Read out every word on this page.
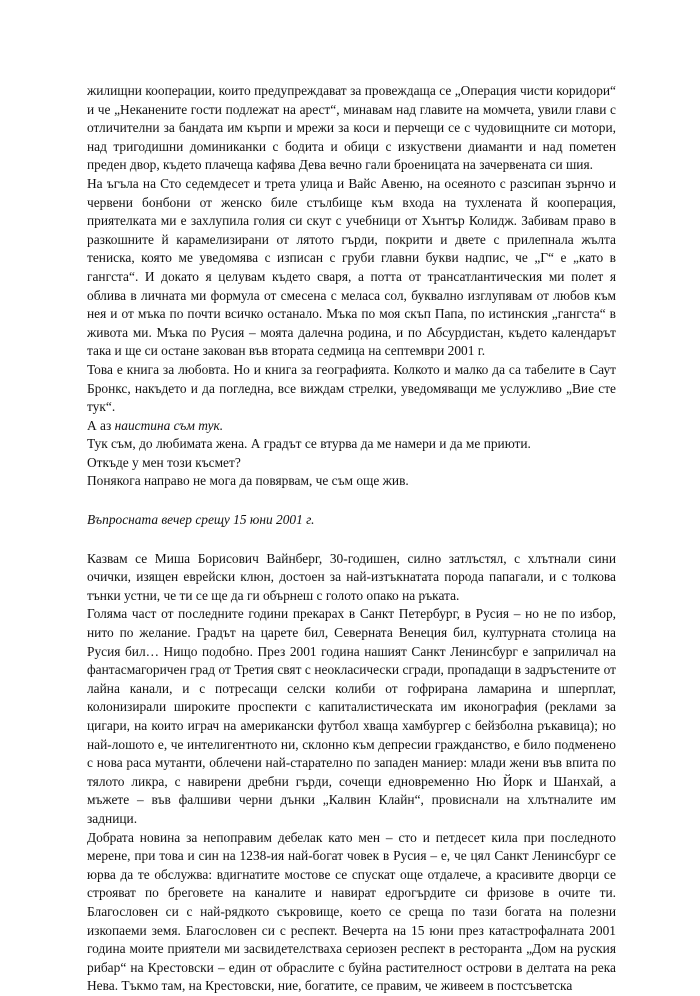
жилищни кооперации, които предупреждават за провеждаща се „Операция чисти коридори“ и че „Неканените гости подлежат на арест“, минавам над главите на момчета, увили глави с отличителни за бандата им кърпи и мрежи за коси и перчещи се с чудовищните си мотори, над тригодишни доминиканки с бодита и обици с изкуствени диаманти и над пометен преден двор, където плачеща кафява Дева вечно гали броеницата на зачервената си шия.

На ъгъла на Сто седемдесет и трета улица и Вайс Авеню, на осеяното с разсипан зърнчо и червени бонбони от женско биле стълбище към входа на тухлената й кооперация, приятелката ми е захлупила голия си скут с учебници от Хънтър Колидж. Забивам право в разкошните й карамелизирани от лятото гърди, покрити и двете с прилепнала жълта тениска, която ме уведомява с изписан с груби главни букви надпис, че „Г“ е „като в гангста“. И докато я целувам където сваря, а потта от трансатлантическия ми полет я облива в личната ми формула от смесена с меласа сол, буквално изглупявам от любов към нея и от мъка по почти всичко останало. Мъка по моя скъп Папа, по истинския „гангста“ в живота ми. Мъка по Русия – моята далечна родина, и по Абсурдистан, където календарът така и ще си остане закован във втората седмица на септември 2001 г.

Това е книга за любовта. Но и книга за географията. Колкото и малко да са табелите в Саут Бронкс, накъдето и да погледна, все виждам стрелки, уведомяващи ме услужливо „Вие сте тук“.

А аз наистина съм тук.

Тук съм, до любимата жена. А градът се втурва да ме намери и да ме приюти.

Откъде у мен този късмет?

Понякога направо не мога да повярвам, че съм още жив.

Въпросната вечер срещу 15 юни 2001 г.

Казвам се Миша Борисович Вайнберг, 30-годишен, силно затлъстял, с хлътнали сини очички, изящен еврейски клюн, достоен за най-изтъкнатата порода папагали, и с толкова тънки устни, че ти се ще да ги обърнеш с голото опако на ръката.

Голяма част от последните години прекарах в Санкт Петербург, в Русия – но не по избор, нито по желание. Градът на царете бил, Северната Венеция бил, културната столица на Русия бил… Нищо подобно. През 2001 година нашият Санкт Ленинсбург е заприличал на фантасмагоричен град от Третия свят с неокласически сгради, пропадащи в задръстените от лайна канали, и с потресащи селски колиби от гофрирана ламарина и шперплат, колонизирали широките проспекти с капиталистическата им иконография (реклами за цигари, на които играч на американски футбол хваща хамбургер с бейзболна ръкавица); но най-лошото е, че интелигентното ни, склонно към депресии гражданство, е било подменено с нова раса мутанти, облечени най-старателно по западен маниер: млади жени във впита по тялото ликра, с навирени дребни гърди, сочещи едновременно Ню Йорк и Шанхай, а мъжете – във фалшиви черни дънки „Калвин Клайн“, провиснали на хлътналите им задници.

Добрата новина за непоправим дебелак като мен – сто и петдесет кила при последното мерене, при това и син на 1238-ия най-богат човек в Русия – е, че цял Санкт Ленинсбург се юрва да те обслужва: вдигнатите мостове се спускат още отдалече, а красивите дворци се строяват по бреговете на каналите и навират едрогърдите си фризове в очите ти. Благословен си с най-рядкото съкровище, което се среща по тази богата на полезни изкопаеми земя. Благословен си с респект. Вечерта на 15 юни през катастрофалната 2001 година моите приятели ми засвидетелстваха сериозен респект в ресторанта „Дом на руския рибар“ на Крестовски – един от обраслите с буйна растителност острови в делтата на река Нева. Тъкмо там, на Крестовски, ние, богатите, се правим, че живеем в постсъветска
